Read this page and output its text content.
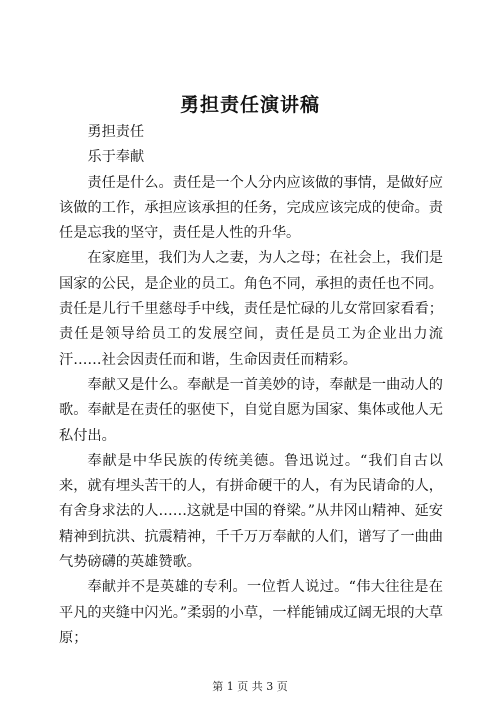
勇担责任演讲稿

勇担责任

乐于奉献

责任是什么。责任是一个人分内应该做的事情，是做好应该做的工作，承担应该承担的任务，完成应该完成的使命。责任是忘我的坚守，责任是人性的升华。

在家庭里，我们为人之妻，为人之母；在社会上，我们是国家的公民，是企业的员工。角色不同，承担的责任也不同。责任是儿行千里慈母手中线，责任是忙碌的儿女常回家看看；责任是领导给员工的发展空间，责任是员工为企业出力流汗……社会因责任而和谐，生命因责任而精彩。

奉献又是什么。奉献是一首美妙的诗，奉献是一曲动人的歌。奉献是在责任的驱使下，自觉自愿为国家、集体或他人无私付出。

奉献是中华民族的传统美德。鲁迅说过。“我们自古以来，就有埋头苦干的人，有拼命硬干的人，有为民请命的人，有舍身求法的人……这就是中国的脊梁。”从井冈山精神、延安精神到抗洪、抗震精神，千千万万奉献的人们，谱写了一曲曲气势磅礴的英雄赞歌。

奉献并不是英雄的专利。一位哲人说过。“伟大往往是在平凡的夹缝中闪光。”柔弱的小草，一样能铺成辽阔无垠的大草原；

第 1 页 共 3 页
